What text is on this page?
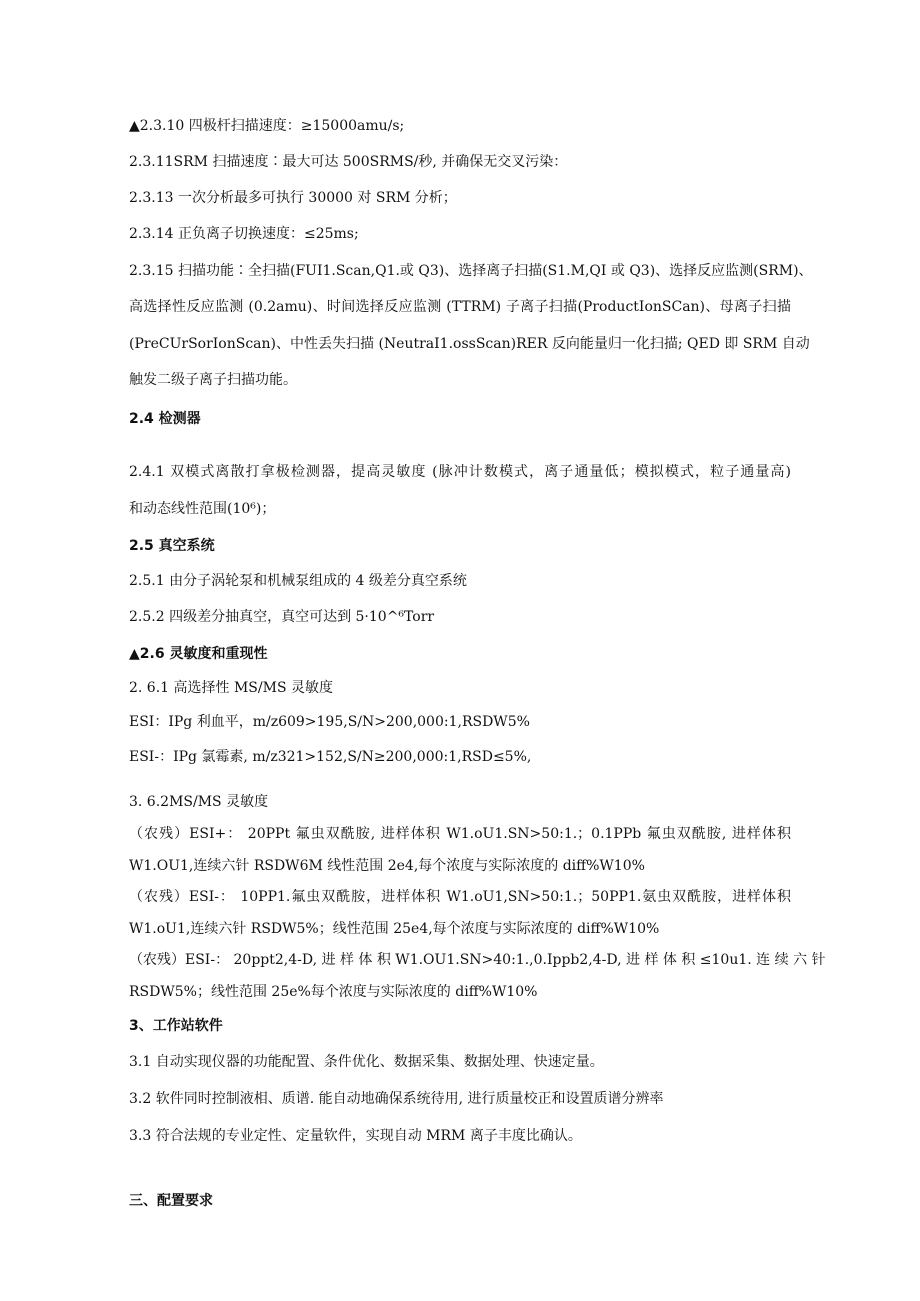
▲2.3.10 四极杆扫描速度：≥15000amu∕s;
2.3.11SRM 扫描速度∶最大可达 500SRMS/秒, 并确保无交叉污染：
2.3.13 一次分析最多可执行 30000 对 SRM 分析；
2.3.14 正负离子切换速度：≤25ms;
2.3.15 扫描功能∶全扫描(FUI1.Scan,Q1.或 Q3)、选择离子扫描(S1.M,QI 或 Q3)、选择反应监测(SRM)、
高选择性反应监测 (0.2amu)、时间选择反应监测 (TTRM) 子离子扫描(ProductIonSCan)、母离子扫描
(PreCUrSorIonScan)、中性丢失扫描 (NeutraI1.ossScan)RER 反向能量归一化扫描; QED 即 SRM 自动
触发二级子离子扫描功能。
2.4 检测器
2.4.1 双模式离散打拿极检测器，提高灵敏度 (脉冲计数模式，离子通量低；模拟模式，粒子通量高)
和动态线性范围(10⁶)；
2.5 真空系统
2.5.1 由分子涡轮泵和机械泵组成的 4 级差分真空系统
2.5.2 四级差分抽真空，真空可达到 5·10^⁶Torr
▲2.6 灵敏度和重现性
2. 6.1 高选择性 MS/MS 灵敏度
ESI：IPg 利血平，m/z609>195,S∕N>200,000:1,RSDW5%
ESI-：IPg 氯霉素, m/z321>152,S∕N≥200,000:1,RSD≤5%,
3. 6.2MS/MS 灵敏度
（农残）ESI+： 20PPt 氟虫双酰胺, 进样体积 W1.oU1.SN>50:1.；0.1PPb 氟虫双酰胺, 进样体积
W1.OU1,连续六针 RSDW6M 线性范围 2e4,每个浓度与实际浓度的 diff%W10%
（农残）ESI-： 10PP1.氟虫双酰胺，进样体积 W1.oU1,SN>50:1.；50PP1.氨虫双酰胺，进样体积
W1.oU1,连续六针 RSDW5%；线性范围 25e4,每个浓度与实际浓度的 diff%W10%
（农残）ESI-： 20ppt2,4-D, 进 样 体 积 W1.OU1.SN>40:1.,0.Ippb2,4-D, 进 样 体 积 ≤10u1. 连 续 六 针
RSDW5%；线性范围 25e%每个浓度与实际浓度的 diff%W10%
3、工作站软件
3.1 自动实现仪器的功能配置、条件优化、数据采集、数据处理、快速定量。
3.2 软件同时控制液相、质谱. 能自动地确保系统待用, 进行质量校正和设置质谱分辨率
3.3 符合法规的专业定性、定量软件，实现自动 MRM 离子丰度比确认。
三、配置要求
